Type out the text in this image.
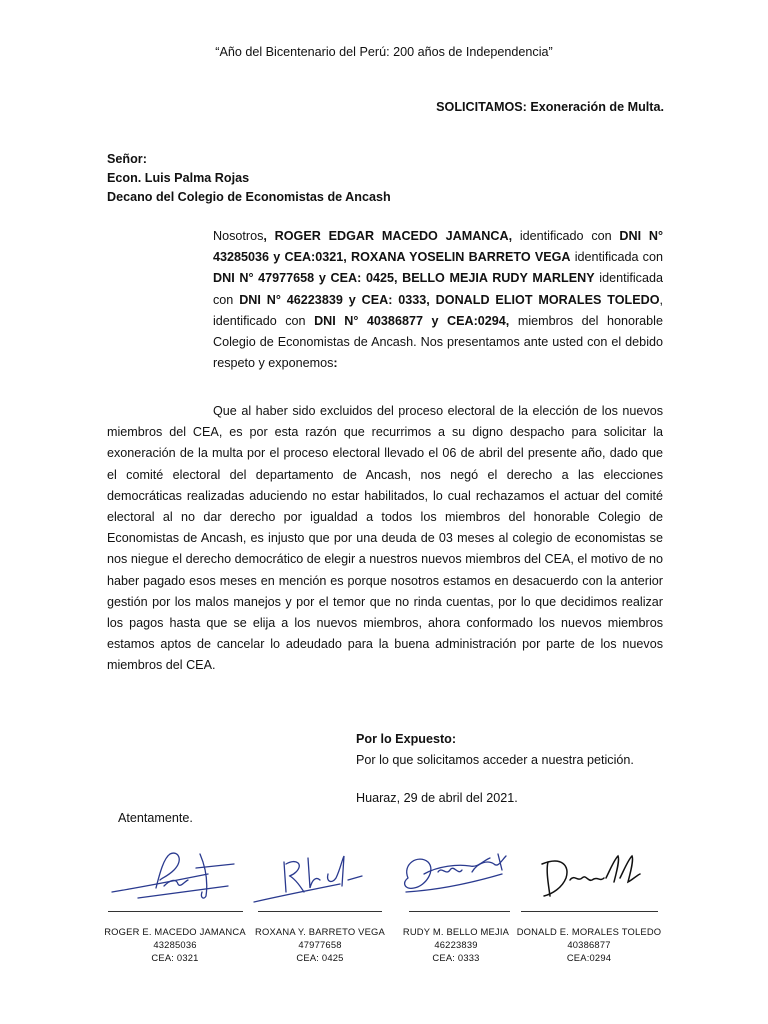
“Año del Bicentenario del Perú: 200 años de Independencia”
SOLICITAMOS: Exoneración de Multa.
Señor:
Econ. Luis Palma Rojas
Decano del Colegio de Economistas de Ancash
Nosotros, ROGER EDGAR MACEDO JAMANCA, identificado con DNI N° 43285036 y CEA:0321, ROXANA YOSELIN BARRETO VEGA identificada con DNI N° 47977658 y CEA: 0425, BELLO MEJIA RUDY MARLENY identificada con DNI N° 46223839 y CEA: 0333, DONALD ELIOT MORALES TOLEDO, identificado con DNI N° 40386877 y CEA:0294, miembros del honorable Colegio de Economistas de Ancash. Nos presentamos ante usted con el debido respeto y exponemos:
Que al haber sido excluidos del proceso electoral de la elección de los nuevos miembros del CEA, es por esta razón que recurrimos a su digno despacho para solicitar la exoneración de la multa por el proceso electoral llevado el 06 de abril del presente año, dado que el comité electoral del departamento de Ancash, nos negó el derecho a las elecciones democráticas realizadas aduciendo no estar habilitados, lo cual rechazamos el actuar del comité electoral al no dar derecho por igualdad a todos los miembros del honorable Colegio de Economistas de Ancash, es injusto que por una deuda de 03 meses al colegio de economistas se nos niegue el derecho democrático de elegir a nuestros nuevos miembros del CEA, el motivo de no haber pagado esos meses en mención es porque nosotros estamos en desacuerdo con la anterior gestión por los malos manejos y por el temor que no rinda cuentas, por lo que decidimos realizar los pagos hasta que se elija a los nuevos miembros, ahora conformado los nuevos miembros estamos aptos de cancelar lo adeudado para la buena administración por parte de los nuevos miembros del CEA.
Por lo Expuesto:
Por lo que solicitamos acceder a nuestra petición.
Huaraz, 29 de abril del 2021.
Atentamente.
ROGER E. MACEDO JAMANCA
43285036
CEA: 0321
ROXANA Y. BARRETO VEGA
47977658
CEA: 0425
RUDY M. BELLO MEJIA
46223839
CEA: 0333
DONALD E. MORALES TOLEDO
40386877
CEA:0294
